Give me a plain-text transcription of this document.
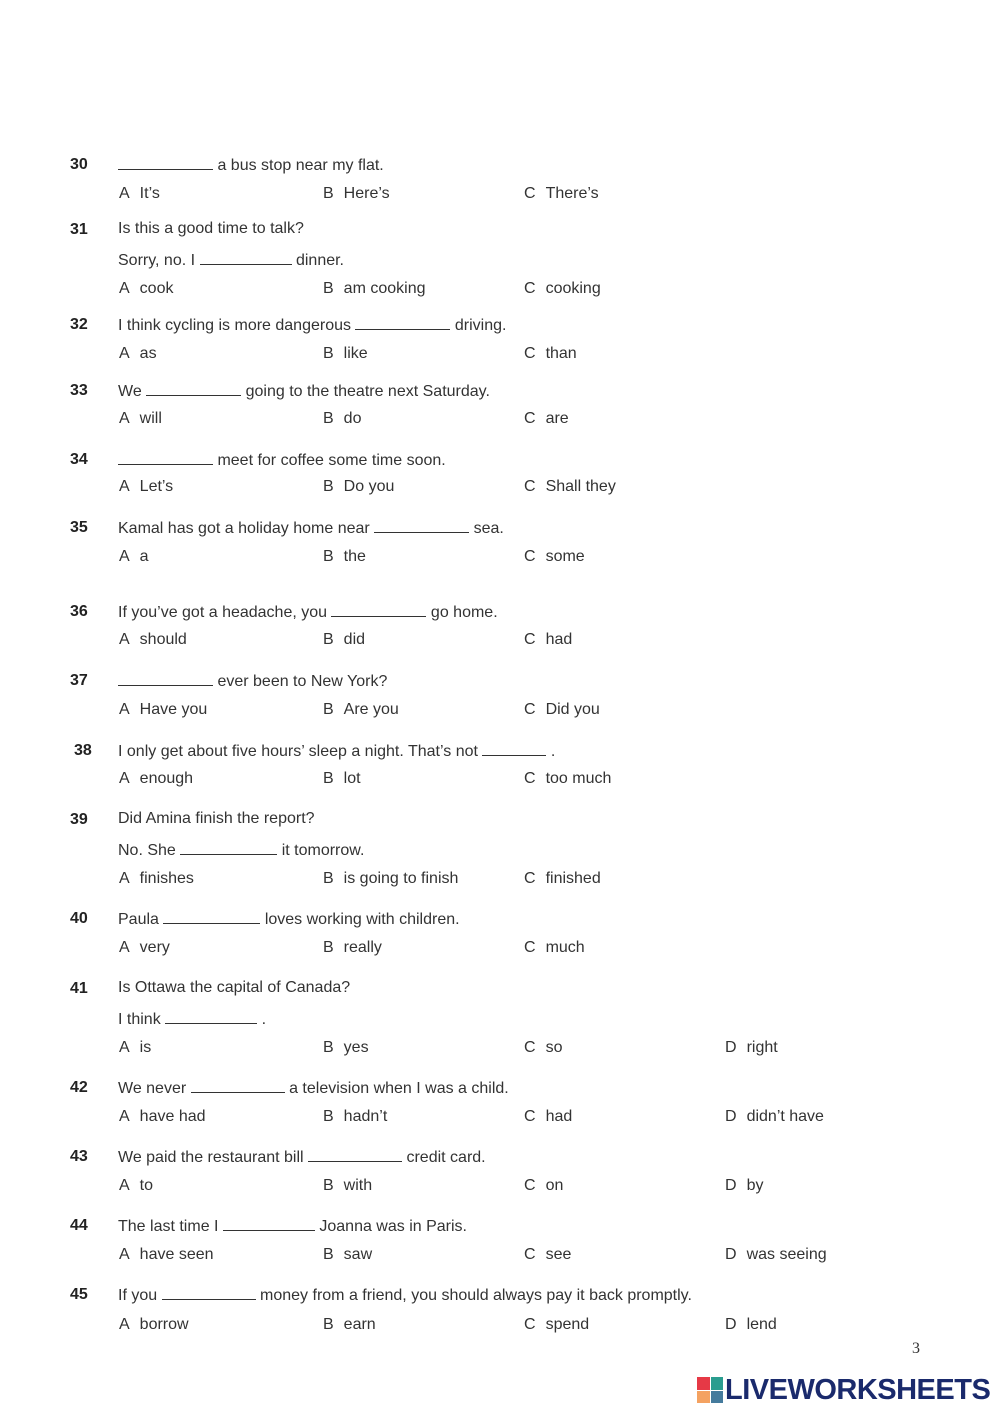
30	a bus stop near my flat.
A It’s	B Here’s	C There’s
31 Is this a good time to talk?
Sorry, no. I	dinner.
A cook	B am cooking	C cooking
32 I think cycling is more dangerous	driving.
A as	B like	C than
33 We	going to the theatre next Saturday.
A will	B do	C are
34	meet for coffee some time soon.
A Let’s	B Do you	C Shall they
35 Kamal has got a holiday home near	sea.
A a	B the	C some
36 If you’ve got a headache, you	go home.
A should	B did	C had
37	ever been to New York?
A Have you	B Are you	C Did you
38 I only get about five hours’ sleep a night. That’s not	.
A enough	B lot	C too much
39 Did Amina finish the report?
No. She	it tomorrow.
A finishes	B is going to finish	C finished
40 Paula	loves working with children.
A very	B really	C much
41 Is Ottawa the capital of Canada?
I think	.
A is	B yes	C so	D right
42 We never	a television when I was a child.
A have had	B hadn’t	C had	D didn’t have
43 We paid the restaurant bill	credit card.
A to	B with	C on	D by
44 The last time I	Joanna was in Paris.
A have seen	B saw	C see	D was seeing
45 If you	money from a friend, you should always pay it back promptly.
A borrow	B earn	C spend	D lend
3
LIVEWORKSHEETS
